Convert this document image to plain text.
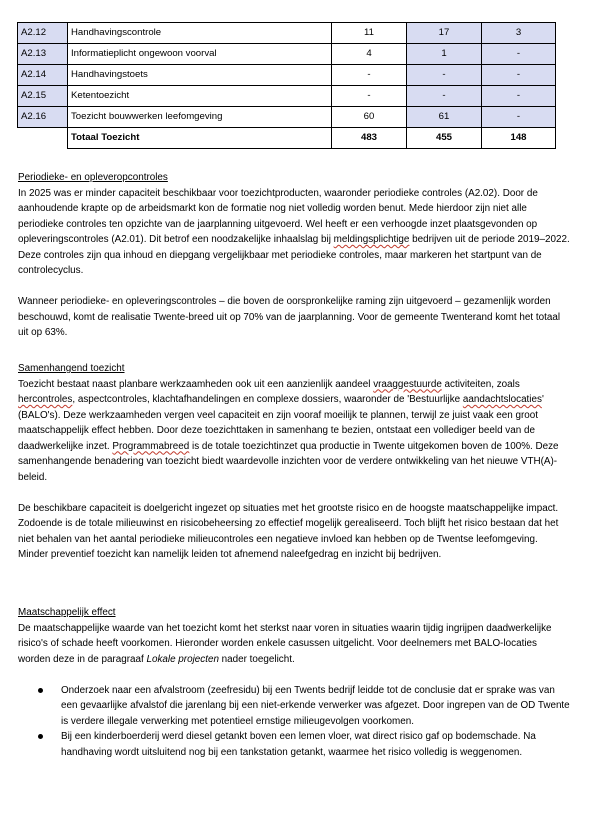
A2.12	Handhavingscontrole	11	17	3
A2.13	Informatieplicht ongewoon voorval	4	1	-
A2.14	Handhavingstoets	-	-	-
A2.15	Ketentoezicht	-	-	-
A2.16	Toezicht bouwwerken leefomgeving	60	61	-
	Totaal Toezicht	483	455	148

Periodieke- en opleveropcontroles

In 2025 was er minder capaciteit beschikbaar voor toezichtproducten, waaronder periodieke controles (A2.02). Door de aanhoudende krapte op de arbeidsmarkt kon de formatie nog niet volledig worden benut. Mede hierdoor zijn niet alle periodieke controles ten opzichte van de jaarplanning uitgevoerd. Wel heeft er een verhoogde inzet plaatsgevonden op opleveringscontroles (A2.01). Dit betrof een noodzakelijke inhaalslag bij meldingsplichtige bedrijven uit de periode 2019–2022. Deze controles zijn qua inhoud en diepgang vergelijkbaar met periodieke controles, maar markeren het startpunt van de controlecyclus.

Wanneer periodieke- en opleveringscontroles – die boven de oorspronkelijke raming zijn uitgevoerd – gezamenlijk worden beschouwd, komt de realisatie Twente-breed uit op 70% van de jaarplanning. Voor de gemeente Twenterand komt het totaal uit op 63%.

Samenhangend toezicht

Toezicht bestaat naast planbare werkzaamheden ook uit een aanzienlijk aandeel vraaggestuurde activiteiten, zoals hercontroles, aspectcontroles, klachtafhandelingen en complexe dossiers, waaronder de 'Bestuurlijke aandachtslocaties' (BALO's). Deze werkzaamheden vergen veel capaciteit en zijn vooraf moeilijk te plannen, terwijl ze juist vaak een groot maatschappelijk effect hebben. Door deze toezichttaken in samenhang te bezien, ontstaat een vollediger beeld van de daadwerkelijke inzet. Programmabreed is de totale toezichtinzet qua productie in Twente uitgekomen boven de 100%. Deze samenhangende benadering van toezicht biedt waardevolle inzichten voor de verdere ontwikkeling van het nieuwe VTH(A)-beleid.

De beschikbare capaciteit is doelgericht ingezet op situaties met het grootste risico en de hoogste maatschappelijke impact. Zodoende is de totale milieuwinst en risicobeheersing zo effectief mogelijk gerealiseerd. Toch blijft het risico bestaan dat het niet behalen van het aantal periodieke milieucontroles een negatieve invloed kan hebben op de Twentse leefomgeving. Minder preventief toezicht kan namelijk leiden tot afnemend naleefgedrag en inzicht bij bedrijven.

Maatschappelijk effect

De maatschappelijke waarde van het toezicht komt het sterkst naar voren in situaties waarin tijdig ingrijpen daadwerkelijke risico's of schade heeft voorkomen. Hieronder worden enkele casussen uitgelicht. Voor deelnemers met BALO-locaties worden deze in de paragraaf Lokale projecten nader toegelicht.

Onderzoek naar een afvalstroom (zeefresidu) bij een Twents bedrijf leidde tot de conclusie dat er sprake was van een gevaarlijke afvalstof die jarenlang bij een niet-erkende verwerker was afgezet. Door ingrepen van de OD Twente is verdere illegale verwerking met potentieel ernstige milieugevolgen voorkomen.
Bij een kinderboerderij werd diesel getankt boven een lemen vloer, wat direct risico gaf op bodemschade. Na handhaving wordt uitsluitend nog bij een tankstation getankt, waarmee het risico volledig is weggenomen.
